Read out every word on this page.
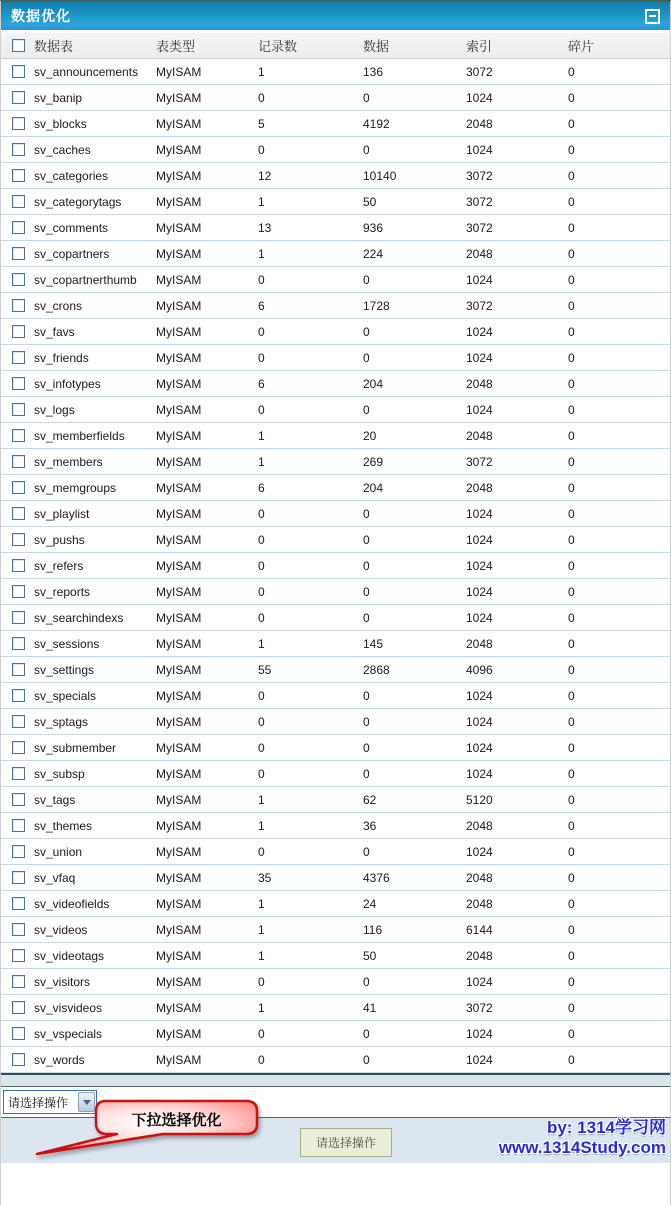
数据优化
数据表	表类型	记录数	数据	索引	碎片
sv_announcements	MyISAM	1	136	3072	0
sv_banip	MyISAM	0	0	1024	0
sv_blocks	MyISAM	5	4192	2048	0
sv_caches	MyISAM	0	0	1024	0
sv_categories	MyISAM	12	10140	3072	0
sv_categorytags	MyISAM	1	50	3072	0
sv_comments	MyISAM	13	936	3072	0
sv_copartners	MyISAM	1	224	2048	0
sv_copartnerthumb	MyISAM	0	0	1024	0
sv_crons	MyISAM	6	1728	3072	0
sv_favs	MyISAM	0	0	1024	0
sv_friends	MyISAM	0	0	1024	0
sv_infotypes	MyISAM	6	204	2048	0
sv_logs	MyISAM	0	0	1024	0
sv_memberfields	MyISAM	1	20	2048	0
sv_members	MyISAM	1	269	3072	0
sv_memgroups	MyISAM	6	204	2048	0
sv_playlist	MyISAM	0	0	1024	0
sv_pushs	MyISAM	0	0	1024	0
sv_refers	MyISAM	0	0	1024	0
sv_reports	MyISAM	0	0	1024	0
sv_searchindexs	MyISAM	0	0	1024	0
sv_sessions	MyISAM	1	145	2048	0
sv_settings	MyISAM	55	2868	4096	0
sv_specials	MyISAM	0	0	1024	0
sv_sptags	MyISAM	0	0	1024	0
sv_submember	MyISAM	0	0	1024	0
sv_subsp	MyISAM	0	0	1024	0
sv_tags	MyISAM	1	62	5120	0
sv_themes	MyISAM	1	36	2048	0
sv_union	MyISAM	0	0	1024	0
sv_vfaq	MyISAM	35	4376	2048	0
sv_videofields	MyISAM	1	24	2048	0
sv_videos	MyISAM	1	116	6144	0
sv_videotags	MyISAM	1	50	2048	0
sv_visitors	MyISAM	0	0	1024	0
sv_visvideos	MyISAM	1	41	3072	0
sv_vspecials	MyISAM	0	0	1024	0
sv_words	MyISAM	0	0	1024	0
请选择操作
请选择操作
by: 1314学习网
www.1314Study.com
下拉选择优化
